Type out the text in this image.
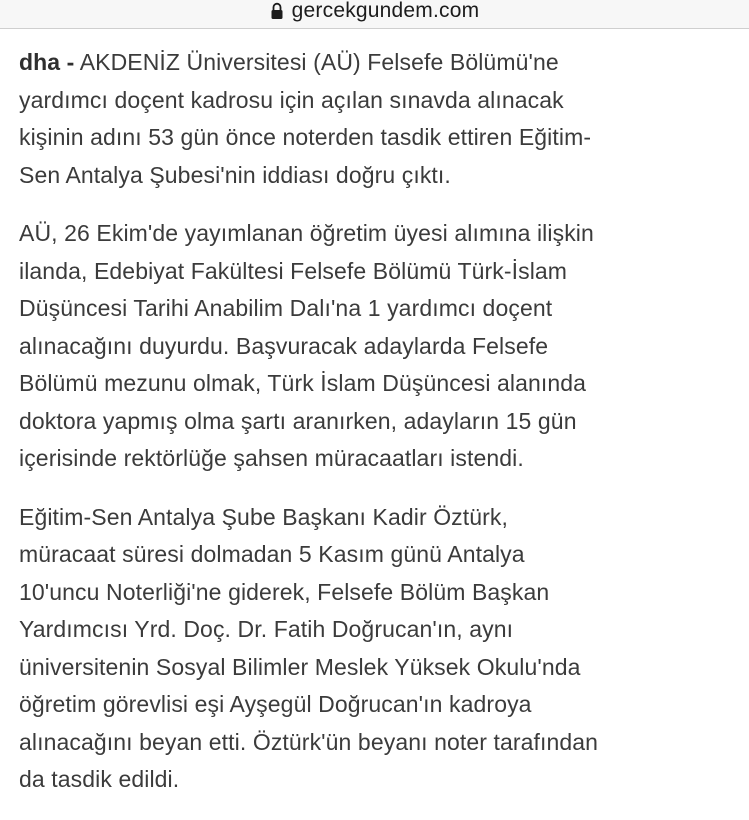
gercekgundem.com

dha - AKDENİZ Üniversitesi (AÜ) Felsefe Bölümü'ne
yardımcı doçent kadrosu için açılan sınavda alınacak
kişinin adını 53 gün önce noterden tasdik ettiren Eğitim-
Sen Antalya Şubesi'nin iddiası doğru çıktı.

AÜ, 26 Ekim'de yayımlanan öğretim üyesi alımına ilişkin
ilanda, Edebiyat Fakültesi Felsefe Bölümü Türk-İslam
Düşüncesi Tarihi Anabilim Dalı'na 1 yardımcı doçent
alınacağını duyurdu. Başvuracak adaylarda Felsefe
Bölümü mezunu olmak, Türk İslam Düşüncesi alanında
doktora yapmış olma şartı aranırken, adayların 15 gün
içerisinde rektörlüğe şahsen müracaatları istendi.

Eğitim-Sen Antalya Şube Başkanı Kadir Öztürk,
müracaat süresi dolmadan 5 Kasım günü Antalya
10'uncu Noterliği'ne giderek, Felsefe Bölüm Başkan
Yardımcısı Yrd. Doç. Dr. Fatih Doğrucan'ın, aynı
üniversitenin Sosyal Bilimler Meslek Yüksek Okulu'nda
öğretim görevlisi eşi Ayşegül Doğrucan'ın kadroya
alınacağını beyan etti. Öztürk'ün beyanı noter tarafından
da tasdik edildi.
